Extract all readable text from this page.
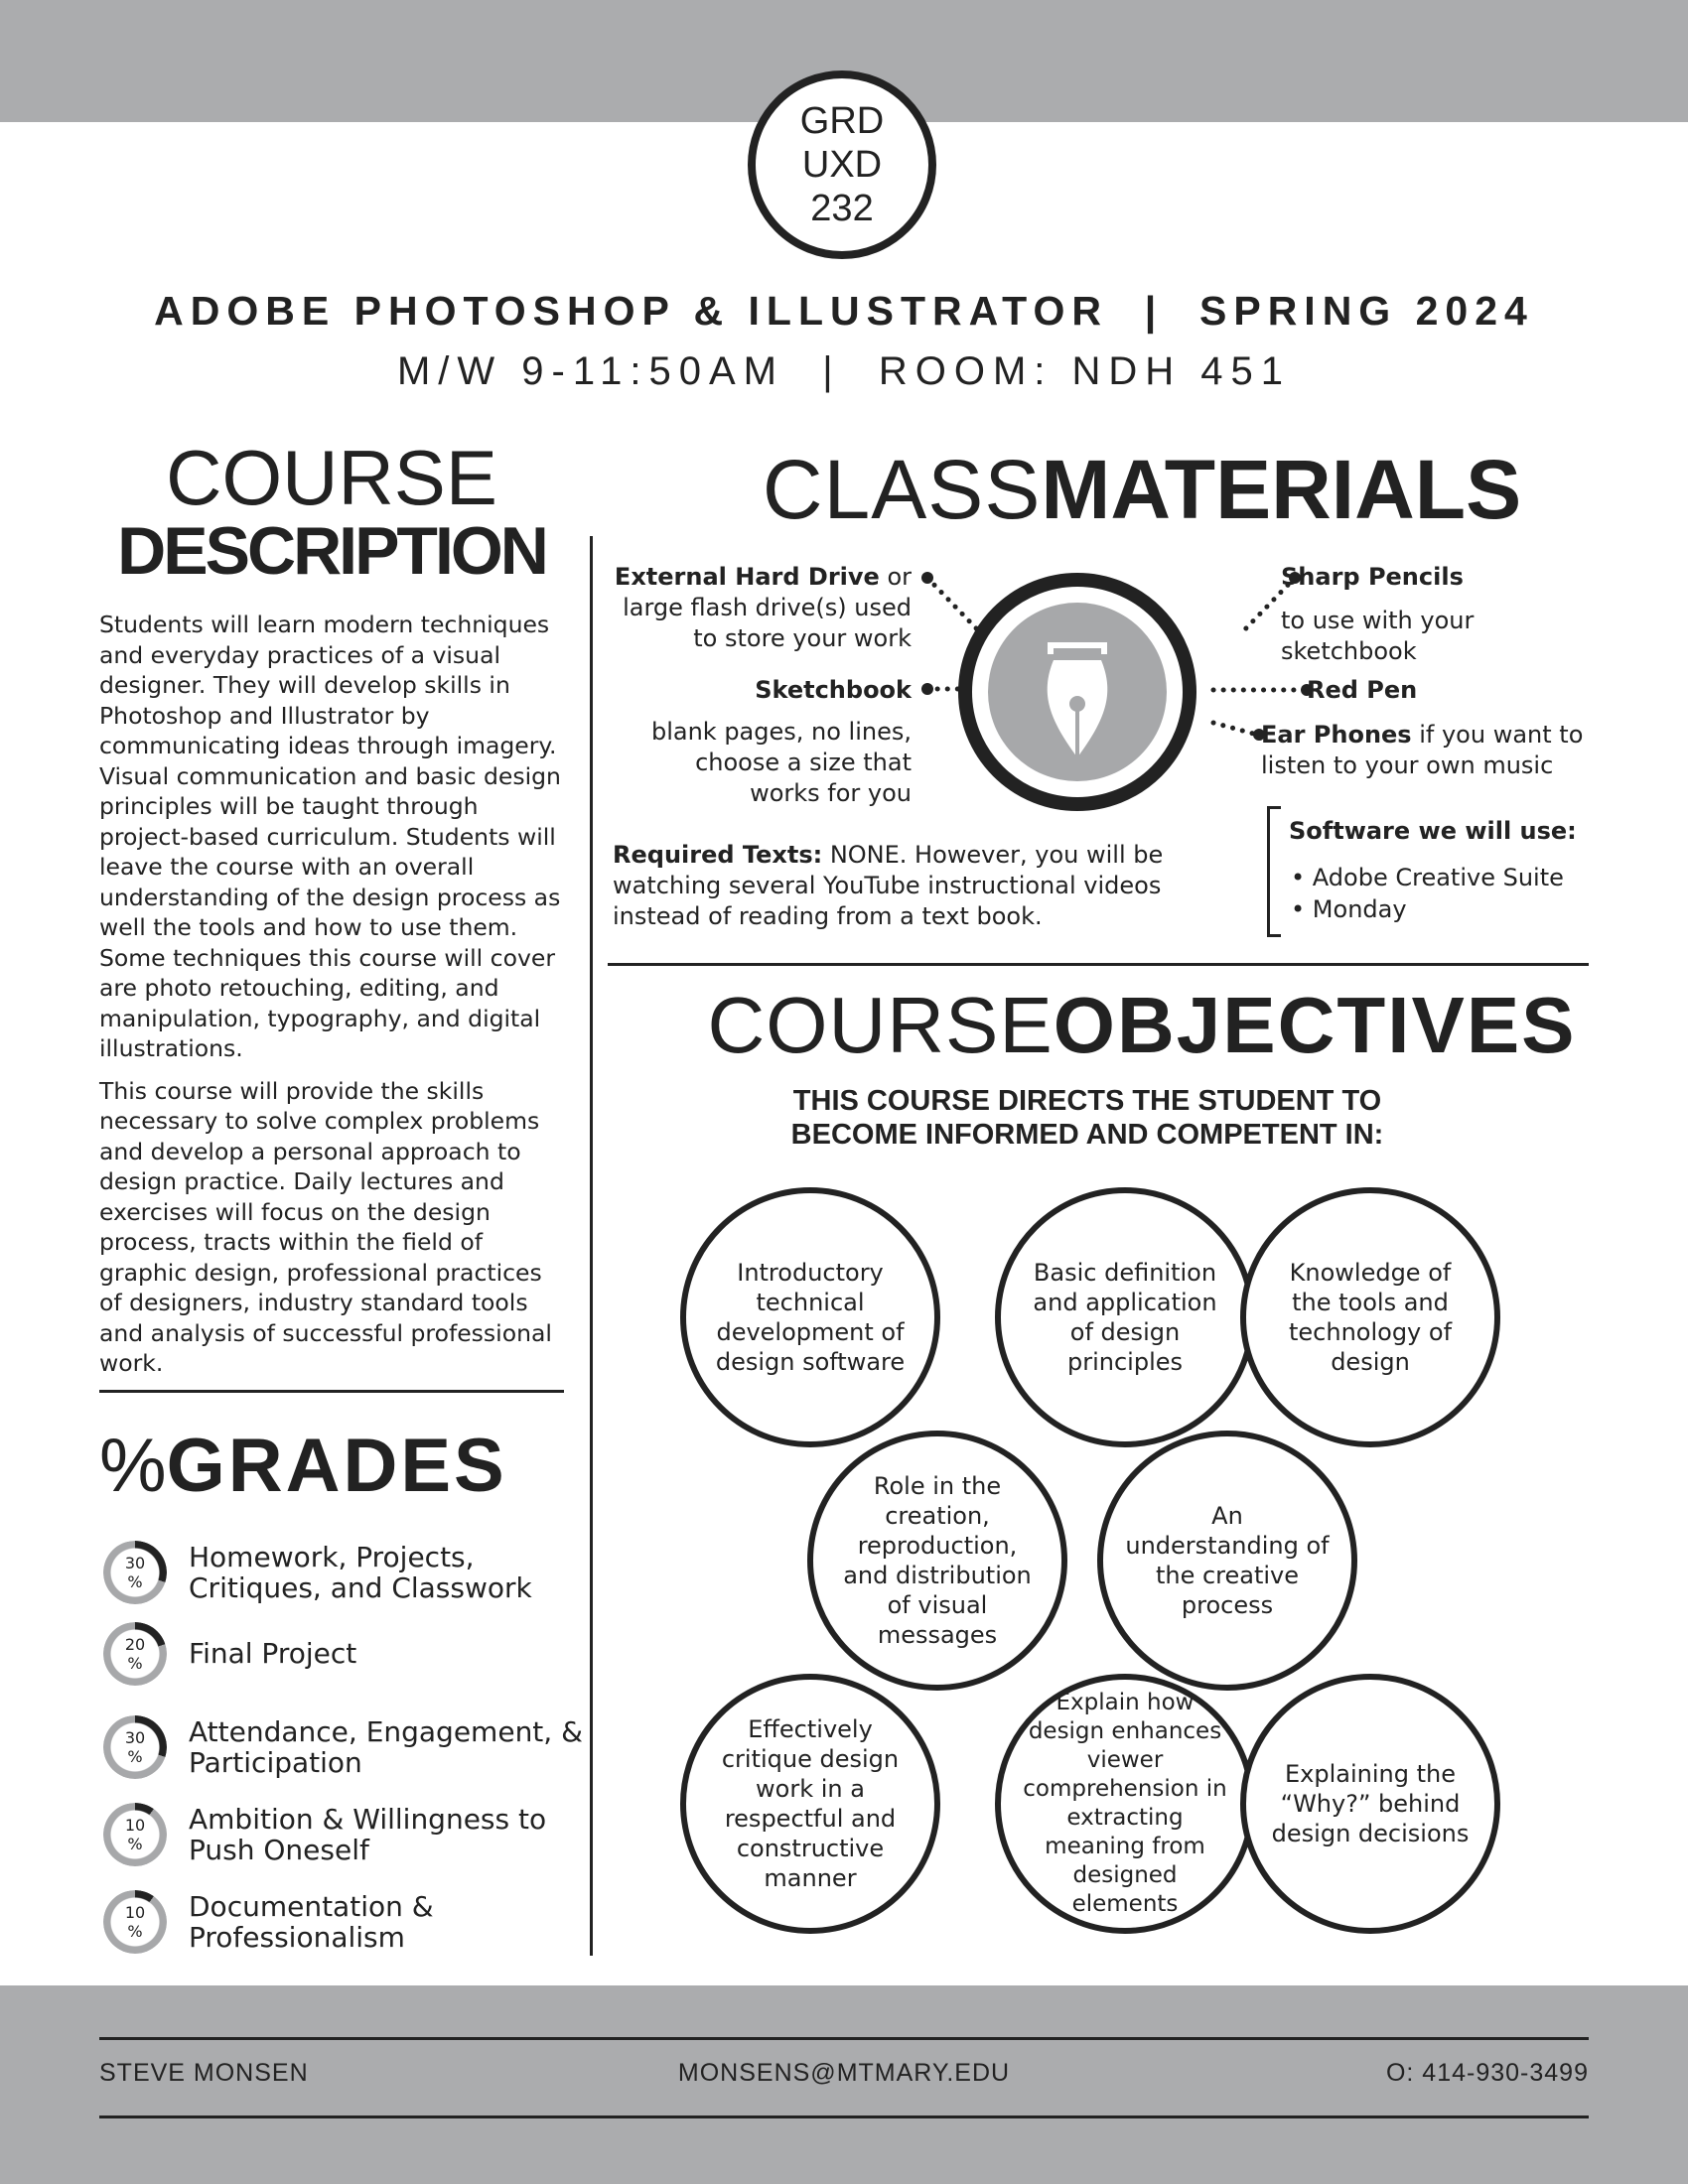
GRD
UXD
232
ADOBE PHOTOSHOP & ILLUSTRATOR  |  SPRING 2024
M/W 9-11:50AM  |  ROOM: NDH 451
COURSE
DESCRIPTION

Students will learn modern techniques and everyday practices of a visual designer. They will develop skills in Photoshop and Illustrator by communicating ideas through imagery. Visual communication and basic design principles will be taught through project-based curriculum. Students will leave the course with an overall understanding of the design process as well the tools and how to use them. Some techniques this course will cover are photo retouching, editing, and manipulation, typography, and digital illustrations.

This course will provide the skills necessary to solve complex problems and develop a personal approach to design practice. Daily lectures and exercises will focus on the design process, tracts within the field of graphic design, professional practices of designers, industry standard tools and analysis of successful professional work.

%GRADES
Homework, Projects, Critiques, and Classwork
30
%
Final Project
20
%
Attendance, Engagement, & Participation
30
%
Ambition & Willingness to Push Oneself
10
%
Documentation & Professionalism
10
%
CLASSMATERIALS
External Hard Drive or large flash drive(s) used to store your work
Sketchbook
blank pages, no lines, choose a size that works for you
Sharp Pencils
to use with your sketchbook
Red Pen
Ear Phones if you want to listen to your own music
Required Texts: NONE. However, you will be watching several YouTube instructional videos instead of reading from a text book.
Software we will use:
• Adobe Creative Suite
• Monday
COURSEOBJECTIVES
THIS COURSE DIRECTS THE STUDENT TO
BECOME INFORMED AND COMPETENT IN:
Introductory technical development of design software
Basic definition and application of design principles
Knowledge of the tools and technology of design
Role in the creation, reproduction, and distribution of visual messages
An understanding of the creative process
Effectively critique design work in a respectful and constructive manner
Explain how design enhances viewer comprehension in extracting meaning from designed elements
Explaining the “Why?” behind design decisions
STEVE MONSEN	MONSENS@MTMARY.EDU	O: 414-930-3499
